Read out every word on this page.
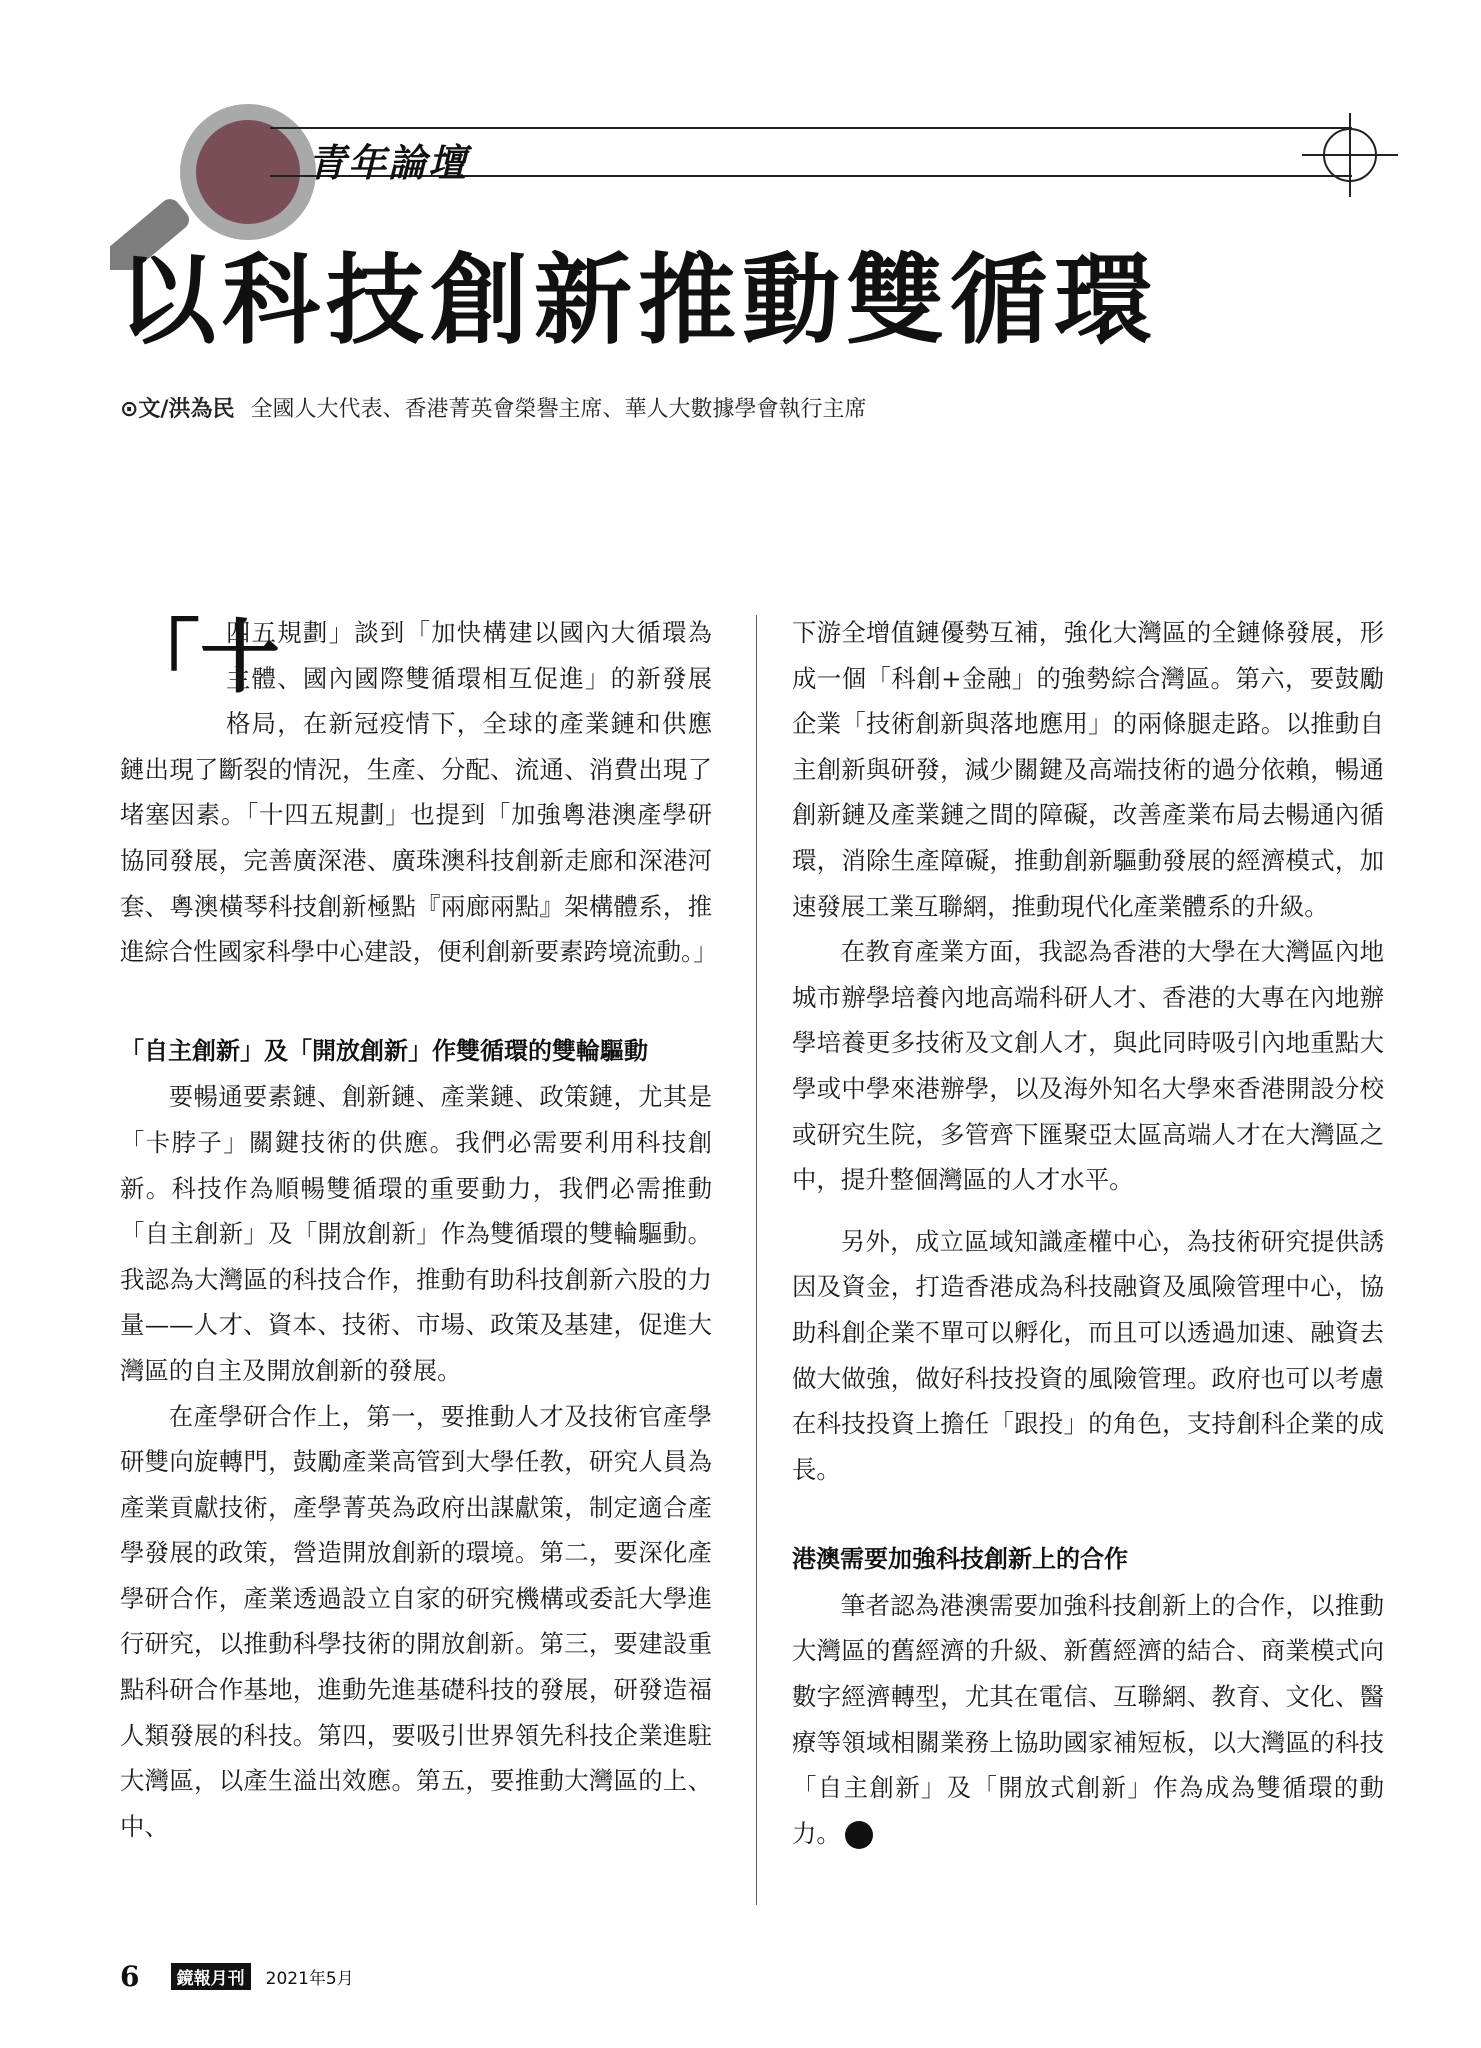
青年論壇
以科技創新推動雙循環
⊙文/洪為民 全國人大代表、香港菁英會榮譽主席、華人大數據學會執行主席

「十
四五規劃」談到「加快構建以國內大循環為主體、國內國際雙循環相互促進」的新發展格局，在新冠疫情下，全球的產業鏈和供應鏈出現了斷裂的情況，生產、分配、流通、消費出現了堵塞因素。「十四五規劃」也提到「加強粵港澳產學研協同發展，完善廣深港、廣珠澳科技創新走廊和深港河套、粵澳橫琴科技創新極點『兩廊兩點』架構體系，推進綜合性國家科學中心建設，便利創新要素跨境流動。」

「自主創新」及「開放創新」作雙循環的雙輪驅動

要暢通要素鏈、創新鏈、產業鏈、政策鏈，尤其是「卡脖子」關鍵技術的供應。我們必需要利用科技創新。科技作為順暢雙循環的重要動力，我們必需推動「自主創新」及「開放創新」作為雙循環的雙輪驅動。我認為大灣區的科技合作，推動有助科技創新六股的力量——人才、資本、技術、市場、政策及基建，促進大灣區的自主及開放創新的發展。

在產學研合作上，第一，要推動人才及技術官產學研雙向旋轉門，鼓勵產業高管到大學任教，研究人員為產業貢獻技術，產學菁英為政府出謀獻策，制定適合產學發展的政策，營造開放創新的環境。第二，要深化產學研合作，產業透過設立自家的研究機構或委託大學進行研究，以推動科學技術的開放創新。第三，要建設重點科研合作基地，進動先進基礎科技的發展，研發造福人類發展的科技。第四，要吸引世界領先科技企業進駐大灣區，以產生溢出效應。第五，要推動大灣區的上、中、

下游全增值鏈優勢互補，強化大灣區的全鏈條發展，形成一個「科創+金融」的強勢綜合灣區。第六，要鼓勵企業「技術創新與落地應用」的兩條腿走路。以推動自主創新與研發，減少關鍵及高端技術的過分依賴，暢通創新鏈及產業鏈之間的障礙，改善產業布局去暢通內循環，消除生產障礙，推動創新驅動發展的經濟模式，加速發展工業互聯網，推動現代化產業體系的升級。

在教育產業方面，我認為香港的大學在大灣區內地城市辦學培養內地高端科研人才、香港的大專在內地辦學培養更多技術及文創人才，與此同時吸引內地重點大學或中學來港辦學，以及海外知名大學來香港開設分校或研究生院，多管齊下匯聚亞太區高端人才在大灣區之中，提升整個灣區的人才水平。

另外，成立區域知識產權中心，為技術研究提供誘因及資金，打造香港成為科技融資及風險管理中心，協助科創企業不單可以孵化，而且可以透過加速、融資去做大做強，做好科技投資的風險管理。政府也可以考慮在科技投資上擔任「跟投」的角色，支持創科企業的成長。

港澳需要加強科技創新上的合作

筆者認為港澳需要加強科技創新上的合作，以推動大灣區的舊經濟的升級、新舊經濟的結合、商業模式向數字經濟轉型，尤其在電信、互聯網、教育、文化、醫療等領域相關業務上協助國家補短板，以大灣區的科技「自主創新」及「開放式創新」作為成為雙循環的動力。	完

6 鏡報月刊 2021年5月
